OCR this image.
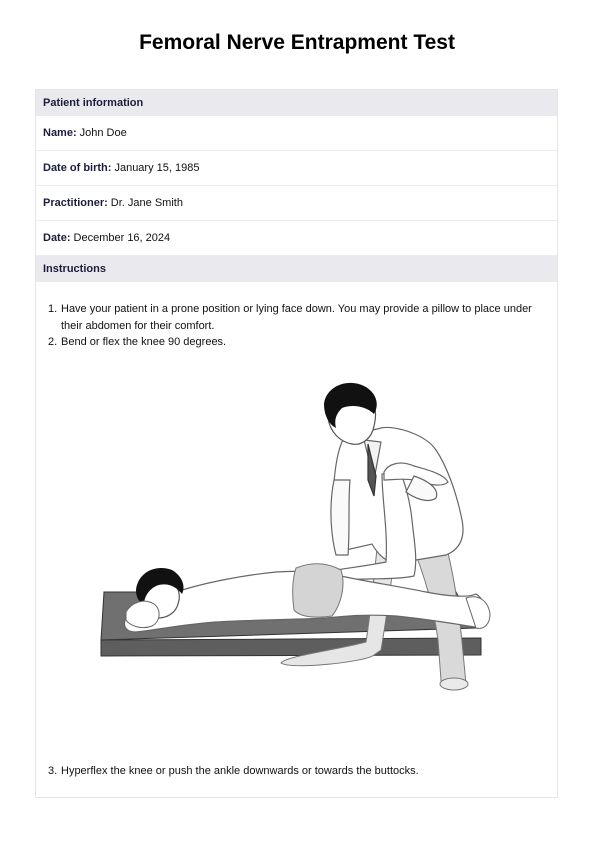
Femoral Nerve Entrapment Test
Patient information
Name: John Doe
Date of birth: January 15, 1985
Practitioner: Dr. Jane Smith
Date: December 16, 2024
Instructions
1. Have your patient in a prone position or lying face down. You may provide a pillow to place under their abdomen for their comfort.
2. Bend or flex the knee 90 degrees.
3. Hyperflex the knee or push the ankle downwards or towards the buttocks.
